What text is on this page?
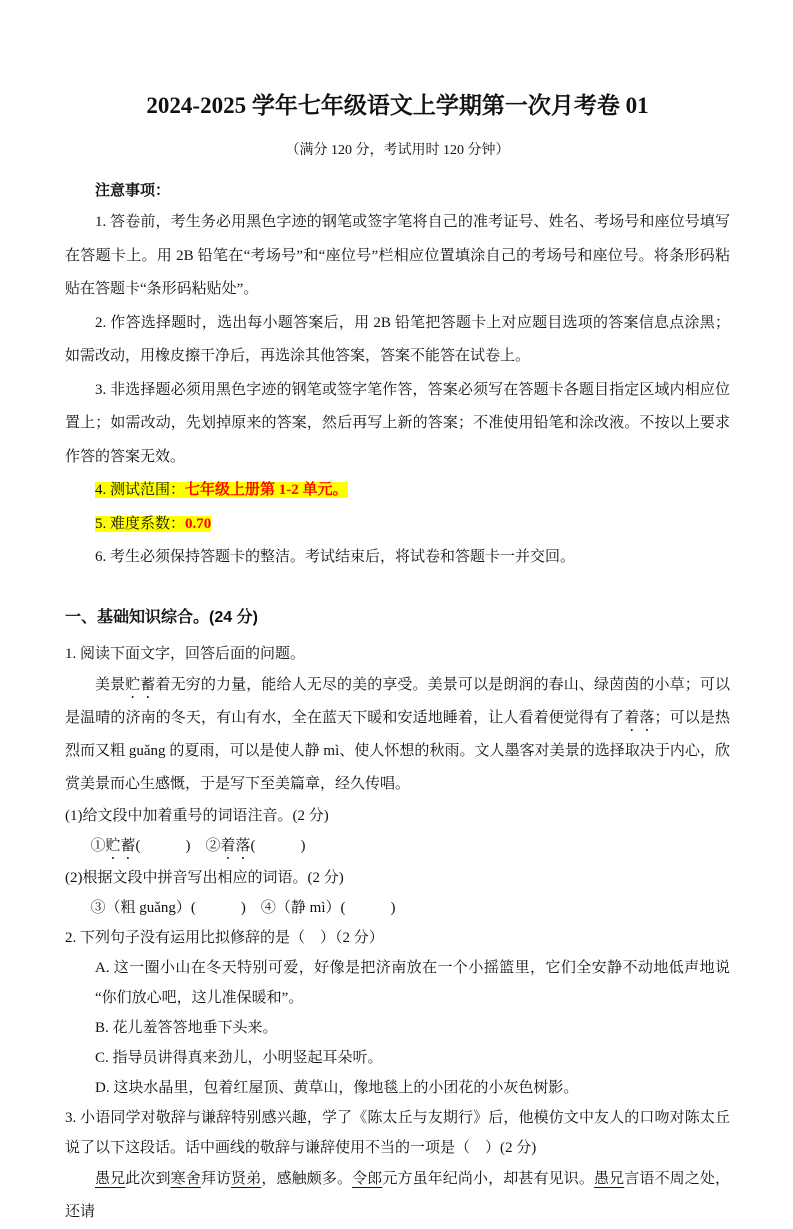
2024-2025 学年七年级语文上学期第一次月考卷 01

（满分 120 分，考试用时 120 分钟）

注意事项：

1. 答卷前，考生务必用黑色字迹的钢笔或签字笔将自己的准考证号、姓名、考场号和座位号填写在答题卡上。用 2B 铅笔在“考场号”和“座位号”栏相应位置填涂自己的考场号和座位号。将条形码粘贴在答题卡“条形码粘贴处”。

2. 作答选择题时，选出每小题答案后，用 2B 铅笔把答题卡上对应题目选项的答案信息点涂黑；如需改动，用橡皮擦干净后，再选涂其他答案，答案不能答在试卷上。

3. 非选择题必须用黑色字迹的钢笔或签字笔作答，答案必须写在答题卡各题目指定区域内相应位置上；如需改动，先划掉原来的答案，然后再写上新的答案；不准使用铅笔和涂改液。不按以上要求作答的答案无效。

4. 测试范围：七年级上册第 1-2 单元。

5. 难度系数：0.70

6. 考生必须保持答题卡的整洁。考试结束后，将试卷和答题卡一并交回。

一、基础知识综合。(24 分)

1. 阅读下面文字，回答后面的问题。

美景贮蓄着无穷的力量，能给人无尽的美的享受。美景可以是朗润的春山、绿茵茵的小草；可以是温晴的济南的冬天，有山有水，全在蓝天下暖和安适地睡着，让人看着便觉得有了着落；可以是热烈而又粗 guǎng 的夏雨，可以是使人静 mì、使人怀想的秋雨。文人墨客对美景的选择取决于内心，欣赏美景而心生感慨，于是写下至美篇章，经久传唱。

(1)给文段中加着重号的词语注音。(2 分)

①贮蓄(　　　)　②着落(　　　)

(2)根据文段中拼音写出相应的词语。(2 分)

③（粗 guǎng）(　　　)　④（静 mì）(　　　)

2. 下列句子没有运用比拟修辞的是（　）（2 分）

A. 这一圈小山在冬天特别可爱，好像是把济南放在一个小摇篮里，它们全安静不动地低声地说“你们放心吧，这儿准保暖和”。

B. 花儿羞答答地垂下头来。

C. 指导员讲得真来劲儿，小明竖起耳朵听。

D. 这块水晶里，包着红屋顶、黄草山，像地毯上的小团花的小灰色树影。

3. 小语同学对敬辞与谦辞特别感兴趣，学了《陈太丘与友期行》后，他模仿文中友人的口吻对陈太丘说了以下这段话。话中画线的敬辞与谦辞使用不当的一项是（　）(2 分)

愚兄此次到寒舍拜访贤弟，感触颇多。令郎元方虽年纪尚小，却甚有见识。愚兄言语不周之处，还请
